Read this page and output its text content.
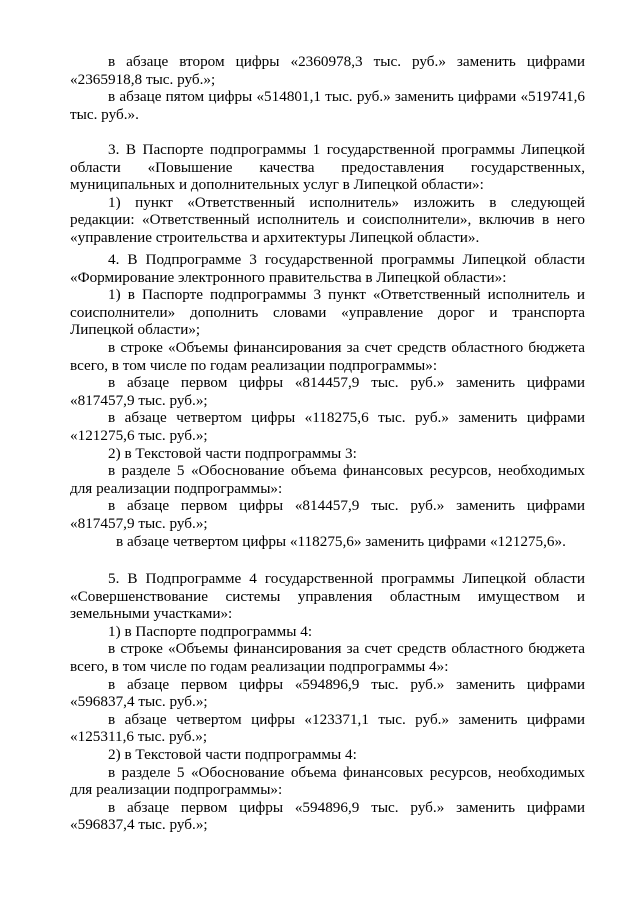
в абзаце втором цифры «2360978,3 тыс. руб.» заменить цифрами «2365918,8 тыс. руб.»;

в абзаце пятом цифры «514801,1 тыс. руб.» заменить цифрами «519741,6 тыс. руб.».

3. В Паспорте подпрограммы 1 государственной программы Липецкой области «Повышение качества предоставления государственных, муниципальных и дополнительных услуг в Липецкой области»:

1) пункт «Ответственный исполнитель» изложить в следующей редакции: «Ответственный исполнитель и соисполнители», включив в него «управление строительства и архитектуры Липецкой области».

4. В Подпрограмме 3 государственной программы Липецкой области «Формирование электронного правительства в Липецкой области»:

1) в Паспорте подпрограммы 3 пункт «Ответственный исполнитель и соисполнители» дополнить словами «управление дорог и транспорта Липецкой области»;

в строке «Объемы финансирования за счет средств областного бюджета всего, в том числе по годам реализации подпрограммы»:

в абзаце первом цифры «814457,9 тыс. руб.» заменить цифрами «817457,9 тыс. руб.»;

в абзаце четвертом цифры «118275,6 тыс. руб.» заменить цифрами «121275,6 тыс. руб.»;

2) в Текстовой части подпрограммы 3:

в разделе 5 «Обоснование объема финансовых ресурсов, необходимых для реализации подпрограммы»:

в абзаце первом цифры «814457,9 тыс. руб.» заменить цифрами «817457,9 тыс. руб.»;

в абзаце четвертом цифры «118275,6» заменить цифрами «121275,6».

5. В Подпрограмме 4 государственной программы Липецкой области «Совершенствование системы управления областным имуществом и земельными участками»:

1) в Паспорте подпрограммы 4:

в строке «Объемы финансирования за счет средств областного бюджета всего, в том числе по годам реализации подпрограммы 4»:

в абзаце первом цифры «594896,9 тыс. руб.» заменить цифрами «596837,4 тыс. руб.»;

в абзаце четвертом цифры «123371,1 тыс. руб.» заменить цифрами «125311,6 тыс. руб.»;

2) в Текстовой части подпрограммы 4:

в разделе 5 «Обоснование объема финансовых ресурсов, необходимых для реализации подпрограммы»:

в абзаце первом цифры «594896,9 тыс. руб.» заменить цифрами «596837,4 тыс. руб.»;
